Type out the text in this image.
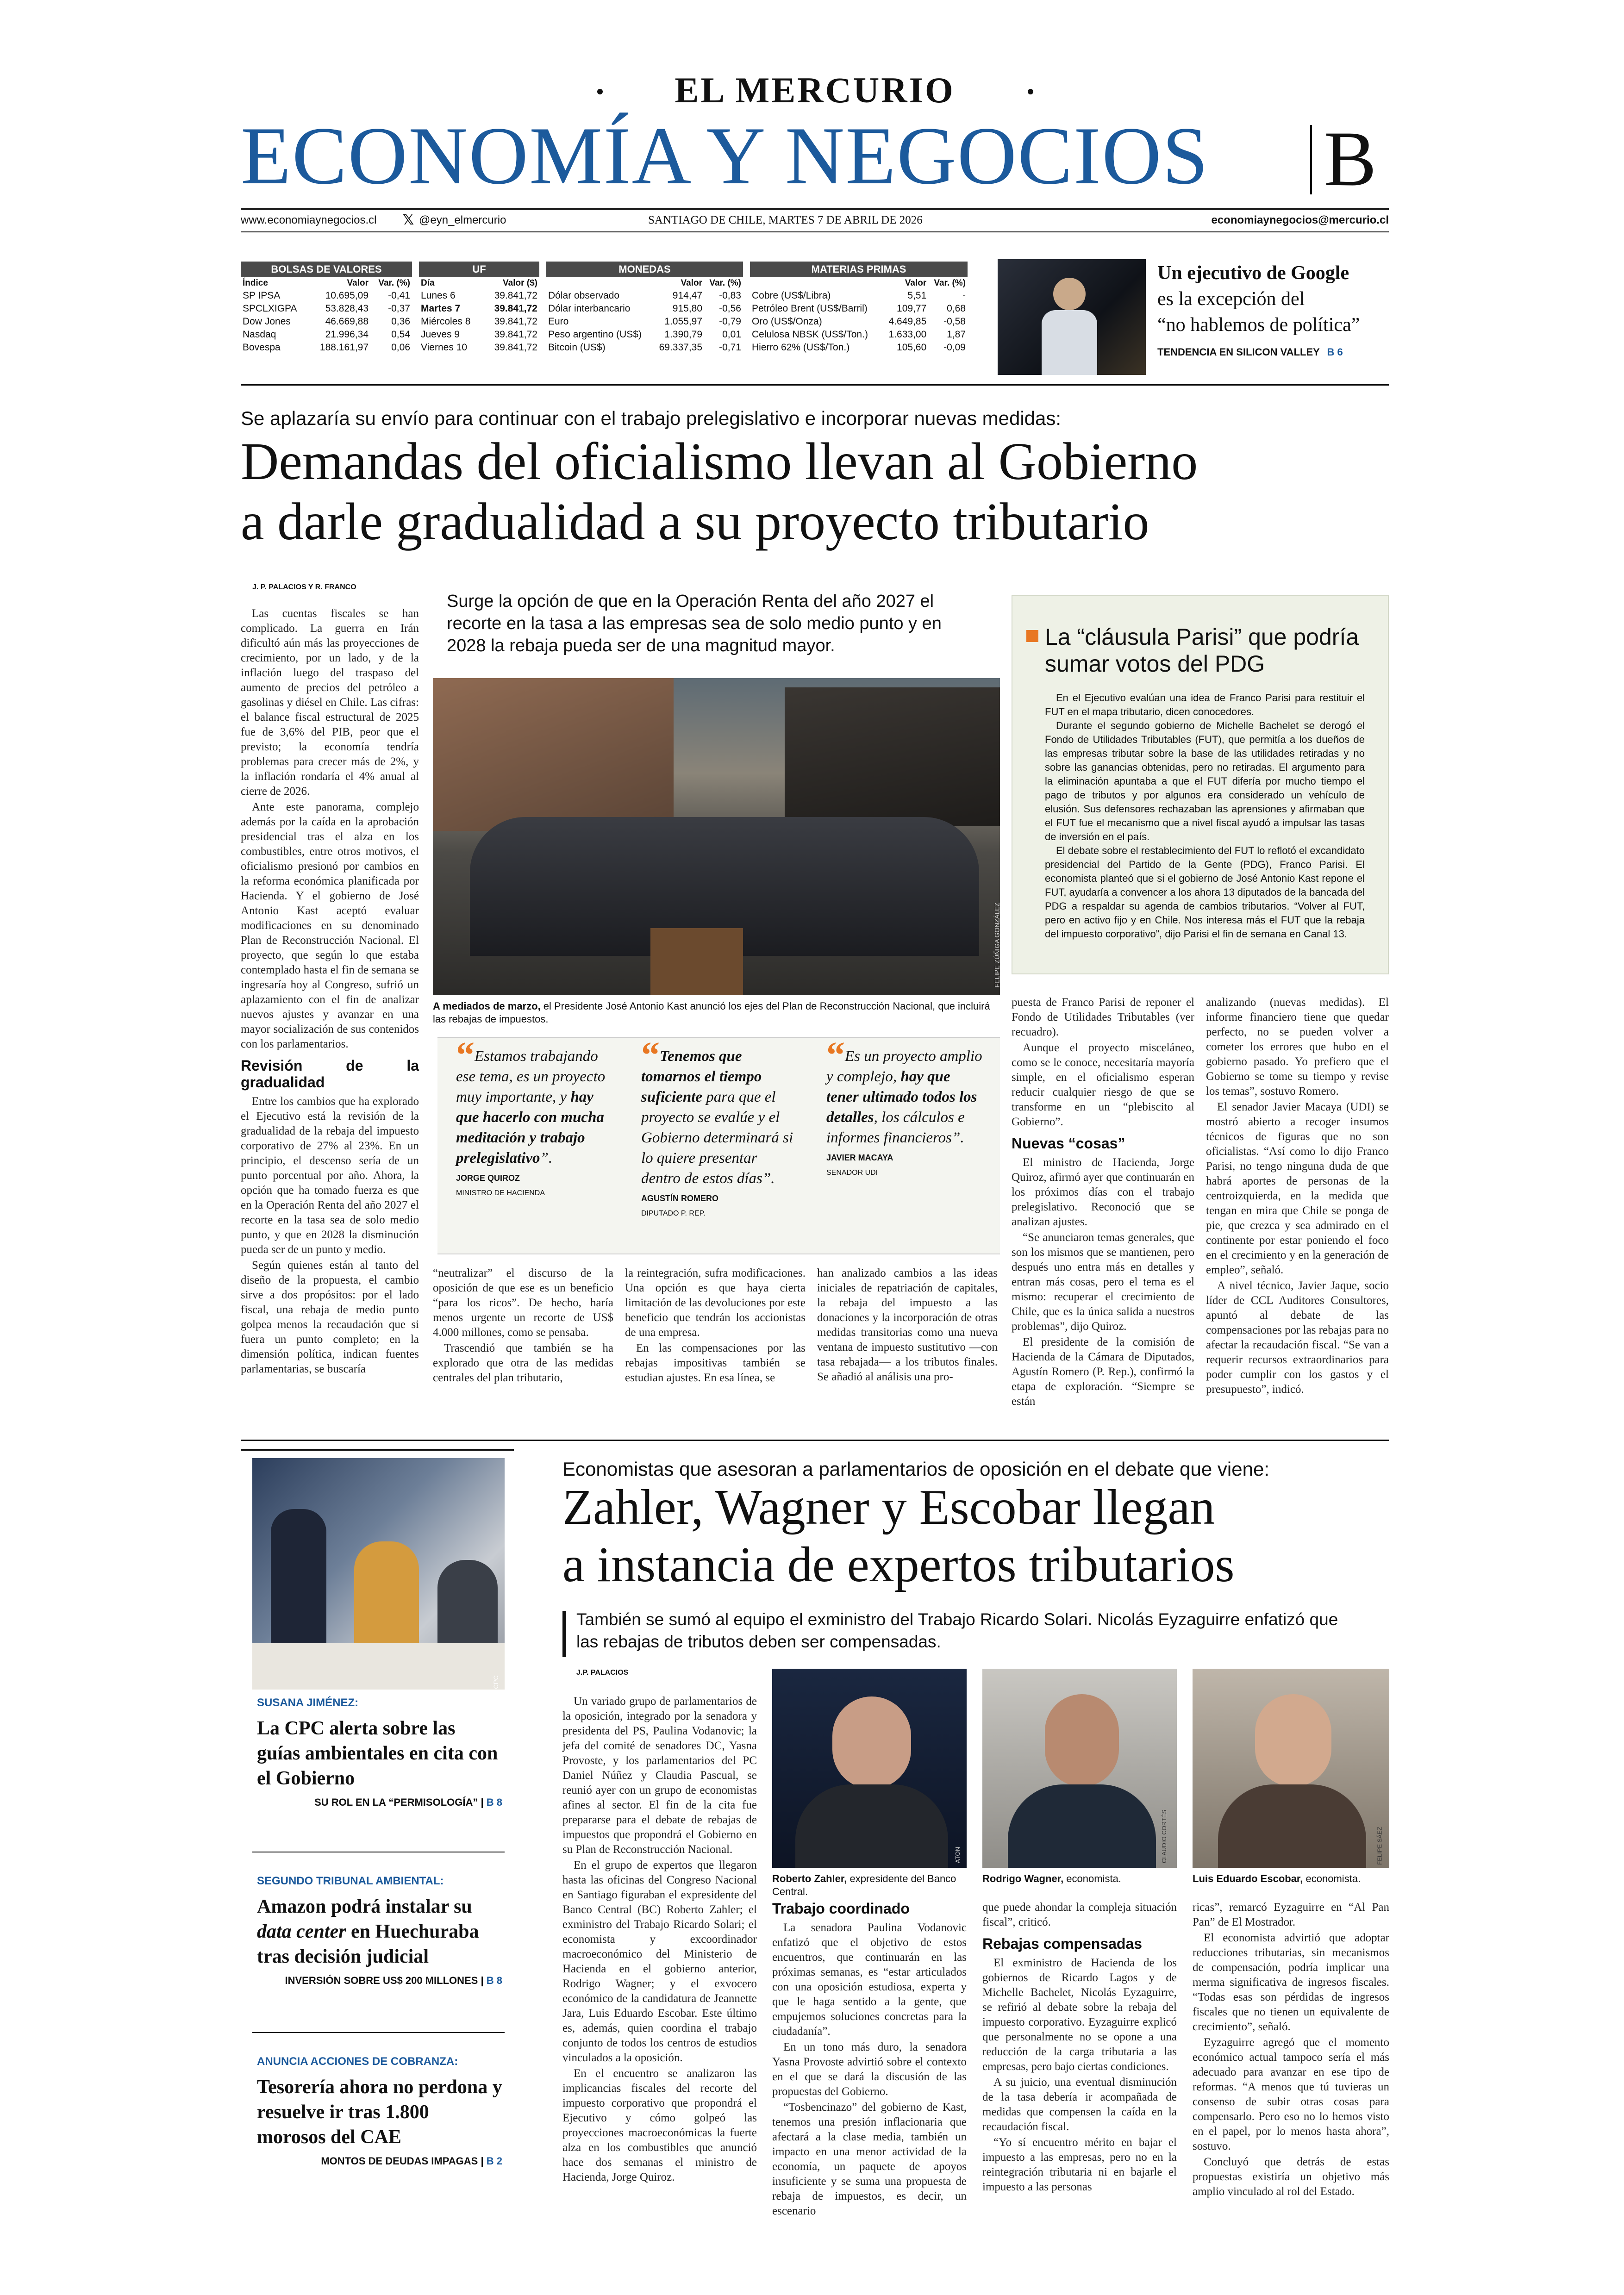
EL MERCURIO
ECONOMÍA Y NEGOCIOS	B
www.economiaynegocios.cl 𝕏 @eyn_elmercurio	SANTIAGO DE CHILE, MARTES 7 DE ABRIL DE 2026	economiaynegocios@mercurio.cl
BOLSAS DE VALORES
Índice	Valor	Var. (%)
SP IPSA	10.695,09	-0,41
SPCLXIGPA	53.828,43	-0,37
Dow Jones	46.669,88	0,36
Nasdaq	21.996,34	0,54
Bovespa	188.161,97	0,06
UF
Día	Valor ($)
Lunes 6	39.841,72
Martes 7	39.841,72
Miércoles 8	39.841,72
Jueves 9	39.841,72
Viernes 10	39.841,72
MONEDAS
	Valor	Var. (%)
Dólar observado	914,47	-0,83
Dólar interbancario	915,80	-0,56
Euro	1.055,97	-0,79
Peso argentino (US$)	1.390,79	0,01
Bitcoin (US$)	69.337,35	-0,71
MATERIAS PRIMAS
	Valor	Var. (%)
Cobre (US$/Libra)	5,51	-
Petróleo Brent (US$/Barril)	109,77	0,68
Oro (US$/Onza)	4.649,85	-0,58
Celulosa NBSK (US$/Ton.)	1.633,00	1,87
Hierro 62% (US$/Ton.)	105,60	-0,09
Un ejecutivo de Google
es la excepción del
“no hablemos de política”
TENDENCIA EN SILICON VALLEY B 6
Se aplazaría su envío para continuar con el trabajo prelegislativo e incorporar nuevas medidas:
Demandas del oficialismo llevan al Gobierno
a darle gradualidad a su proyecto tributario
J. P. PALACIOS Y R. FRANCO

Las cuentas fiscales se han complicado. La guerra en Irán dificultó aún más las proyecciones de crecimiento, por un lado, y de la inflación luego del traspaso del aumento de precios del petróleo a gasolinas y diésel en Chile. Las cifras: el balance fiscal estructural de 2025 fue de 3,6% del PIB, peor que el previsto; la economía tendría problemas para crecer más de 2%, y la inflación rondaría el 4% anual al cierre de 2026.

Ante este panorama, complejo además por la caída en la aprobación presidencial tras el alza en los combustibles, entre otros motivos, el oficialismo presionó por cambios en la reforma económica planificada por Hacienda. Y el gobierno de José Antonio Kast aceptó evaluar modificaciones en su denominado Plan de Reconstrucción Nacional. El proyecto, que según lo que estaba contemplado hasta el fin de semana se ingresaría hoy al Congreso, sufrió un aplazamiento con el fin de analizar nuevos ajustes y avanzar en una mayor socialización de sus contenidos con los parlamentarios.

Revisión de la gradualidad

Entre los cambios que ha explorado el Ejecutivo está la revisión de la gradualidad de la rebaja del impuesto corporativo de 27% al 23%. En un principio, el descenso sería de un punto porcentual por año. Ahora, la opción que ha tomado fuerza es que en la Operación Renta del año 2027 el recorte en la tasa sea de solo medio punto, y que en 2028 la disminución pueda ser de un punto y medio.

Según quienes están al tanto del diseño de la propuesta, el cambio sirve a dos propósitos: por el lado fiscal, una rebaja de medio punto golpea menos la recaudación que si fuera un punto completo; en la dimensión política, indican fuentes parlamentarias, se buscaría

Surge la opción de que en la Operación Renta del año 2027 el recorte en la tasa a las empresas sea de solo medio punto y en 2028 la rebaja pueda ser de una magnitud mayor.
FELIPE ZÚÑIGA GONZÁLEZ
A mediados de marzo, el Presidente José Antonio Kast anunció los ejes del Plan de Reconstrucción Nacional, que incluirá las rebajas de impuestos.
“Estamos trabajando ese tema, es un proyecto muy importante, y hay que hacerlo con mucha meditación y trabajo prelegislativo”.
JORGE QUIROZ
MINISTRO DE HACIENDA
“Tenemos que tomarnos el tiempo suficiente para que el proyecto se evalúe y el Gobierno determinará si lo quiere presentar dentro de estos días”.
AGUSTÍN ROMERO
DIPUTADO P. REP.
“Es un proyecto amplio y complejo, hay que tener ultimado todos los detalles, los cálculos e informes financieros”.
JAVIER MACAYA
SENADOR UDI

“neutralizar” el discurso de la oposición de que ese es un beneficio “para los ricos”. De hecho, haría menos urgente un recorte de US$ 4.000 millones, como se pensaba.

Trascendió que también se ha explorado que otra de las medidas centrales del plan tributario,

la reintegración, sufra modificaciones. Una opción es que haya cierta limitación de las devoluciones por este beneficio que tendrán los accionistas de una empresa.

En las compensaciones por las rebajas impositivas también se estudian ajustes. En esa línea, se

han analizado cambios a las ideas iniciales de repatriación de capitales, la rebaja del impuesto a las donaciones y la incorporación de otras medidas transitorias como una nueva ventana de impuesto sustitutivo —con tasa rebajada— a los tributos finales. Se añadió al análisis una pro-

La “cláusula Parisi” que podría sumar votos del PDG

En el Ejecutivo evalúan una idea de Franco Parisi para restituir el FUT en el mapa tributario, dicen conocedores.

Durante el segundo gobierno de Michelle Bachelet se derogó el Fondo de Utilidades Tributables (FUT), que permitía a los dueños de las empresas tributar sobre la base de las utilidades retiradas y no sobre las ganancias obtenidas, pero no retiradas. El argumento para la eliminación apuntaba a que el FUT difería por mucho tiempo el pago de tributos y por algunos era considerado un vehículo de elusión. Sus defensores rechazaban las aprensiones y afirmaban que el FUT fue el mecanismo que a nivel fiscal ayudó a impulsar las tasas de inversión en el país.

El debate sobre el restablecimiento del FUT lo reflotó el excandidato presidencial del Partido de la Gente (PDG), Franco Parisi. El economista planteó que si el gobierno de José Antonio Kast repone el FUT, ayudaría a convencer a los ahora 13 diputados de la bancada del PDG a respaldar su agenda de cambios tributarios. “Volver al FUT, pero en activo fijo y en Chile. Nos interesa más el FUT que la rebaja del impuesto corporativo”, dijo Parisi el fin de semana en Canal 13.

puesta de Franco Parisi de reponer el Fondo de Utilidades Tributables (ver recuadro).

Aunque el proyecto misceláneo, como se le conoce, necesitaría mayoría simple, en el oficialismo esperan reducir cualquier riesgo de que se transforme en un “plebiscito al Gobierno”.

Nuevas “cosas”

El ministro de Hacienda, Jorge Quiroz, afirmó ayer que continuarán en los próximos días con el trabajo prelegislativo. Reconoció que se analizan ajustes.

“Se anunciaron temas generales, que son los mismos que se mantienen, pero después uno entra más en detalles y entran más cosas, pero el tema es el mismo: recuperar el crecimiento de Chile, que es la única salida a nuestros problemas”, dijo Quiroz.

El presidente de la comisión de Hacienda de la Cámara de Diputados, Agustín Romero (P. Rep.), confirmó la etapa de exploración. “Siempre se están

analizando (nuevas medidas). El informe financiero tiene que quedar perfecto, no se pueden volver a cometer los errores que hubo en el gobierno pasado. Yo prefiero que el Gobierno se tome su tiempo y revise los temas”, sostuvo Romero.

El senador Javier Macaya (UDI) se mostró abierto a recoger insumos técnicos de figuras que no son oficialistas. “Así como lo dijo Franco Parisi, no tengo ninguna duda de que habrá aportes de personas de la centroizquierda, en la medida que tengan en mira que Chile se ponga de pie, que crezca y sea admirado en el continente por estar poniendo el foco en el crecimiento y en la generación de empleo”, señaló.

A nivel técnico, Javier Jaque, socio líder de CCL Auditores Consultores, apuntó al debate de las compensaciones por las rebajas para no afectar la recaudación fiscal. “Se van a requerir recursos extraordinarios para poder cumplir con los gastos y el presupuesto”, indicó.

CPC
SUSANA JIMÉNEZ:
La CPC alerta sobre las guías ambientales en cita con el Gobierno
SU ROL EN LA “PERMISOLOGÍA” | B 8
SEGUNDO TRIBUNAL AMBIENTAL:
Amazon podrá instalar su data center en Huechuraba tras decisión judicial
INVERSIÓN SOBRE US$ 200 MILLONES | B 8
ANUNCIA ACCIONES DE COBRANZA:
Tesorería ahora no perdona y resuelve ir tras 1.800 morosos del CAE
MONTOS DE DEUDAS IMPAGAS | B 2
Economistas que asesoran a parlamentarios de oposición en el debate que viene:
Zahler, Wagner y Escobar llegan
a instancia de expertos tributarios
También se sumó al equipo el exministro del Trabajo Ricardo Solari. Nicolás Eyzaguirre enfatizó que las rebajas de tributos deben ser compensadas.
J.P. PALACIOS
ATON	CLAUDIO CORTÉS	FELIPE SÁEZ
Roberto Zahler, expresidente del Banco Central.
Rodrigo Wagner, economista.	Luis Eduardo Escobar, economista.

Un variado grupo de parlamentarios de la oposición, integrado por la senadora y presidenta del PS, Paulina Vodanovic; la jefa del comité de senadores DC, Yasna Provoste, y los parlamentarios del PC Daniel Núñez y Claudia Pascual, se reunió ayer con un grupo de economistas afines al sector. El fin de la cita fue prepararse para el debate de rebajas de impuestos que propondrá el Gobierno en su Plan de Reconstrucción Nacional.

En el grupo de expertos que llegaron hasta las oficinas del Congreso Nacional en Santiago figuraban el expresidente del Banco Central (BC) Roberto Zahler; el exministro del Trabajo Ricardo Solari; el economista y excoordinador macroeconómico del Ministerio de Hacienda en el gobierno anterior, Rodrigo Wagner; y el exvocero económico de la candidatura de Jeannette Jara, Luis Eduardo Escobar. Este último es, además, quien coordina el trabajo conjunto de todos los centros de estudios vinculados a la oposición.

En el encuentro se analizaron las implicancias fiscales del recorte del impuesto corporativo que propondrá el Ejecutivo y cómo golpeó las proyecciones macroeconómicas la fuerte alza en los combustibles que anunció hace dos semanas el ministro de Hacienda, Jorge Quiroz.

Trabajo coordinado

La senadora Paulina Vodanovic enfatizó que el objetivo de estos encuentros, que continuarán en las próximas semanas, es “estar articulados con una oposición estudiosa, experta y que le haga sentido a la gente, que empujemos soluciones concretas para la ciudadanía”.

En un tono más duro, la senadora Yasna Provoste advirtió sobre el contexto en el que se dará la discusión de las propuestas del Gobierno.

“Tosbencinazo” del gobierno de Kast, tenemos una presión inflacionaria que afectará a la clase media, también un impacto en una menor actividad de la economía, un paquete de apoyos insuficiente y se suma una propuesta de rebaja de impuestos, es decir, un escenario

que puede ahondar la compleja situación fiscal”, criticó.

Rebajas compensadas

El exministro de Hacienda de los gobiernos de Ricardo Lagos y de Michelle Bachelet, Nicolás Eyzaguirre, se refirió al debate sobre la rebaja del impuesto corporativo. Eyzaguirre explicó que personalmente no se opone a una reducción de la carga tributaria a las empresas, pero bajo ciertas condiciones.

A su juicio, una eventual disminución de la tasa debería ir acompañada de medidas que compensen la caída en la recaudación fiscal.

“Yo sí encuentro mérito en bajar el impuesto a las empresas, pero no en la reintegración tributaria ni en bajarle el impuesto a las personas

ricas”, remarcó Eyzaguirre en “Al Pan Pan” de El Mostrador.

El economista advirtió que adoptar reducciones tributarias, sin mecanismos de compensación, podría implicar una merma significativa de ingresos fiscales. “Todas esas son pérdidas de ingresos fiscales que no tienen un equivalente de crecimiento”, señaló.

Eyzaguirre agregó que el momento económico actual tampoco sería el más adecuado para avanzar en ese tipo de reformas. “A menos que tú tuvieras un consenso de subir otras cosas para compensarlo. Pero eso no lo hemos visto en el papel, por lo menos hasta ahora”, sostuvo.

Concluyó que detrás de estas propuestas existiría un objetivo más amplio vinculado al rol del Estado.
